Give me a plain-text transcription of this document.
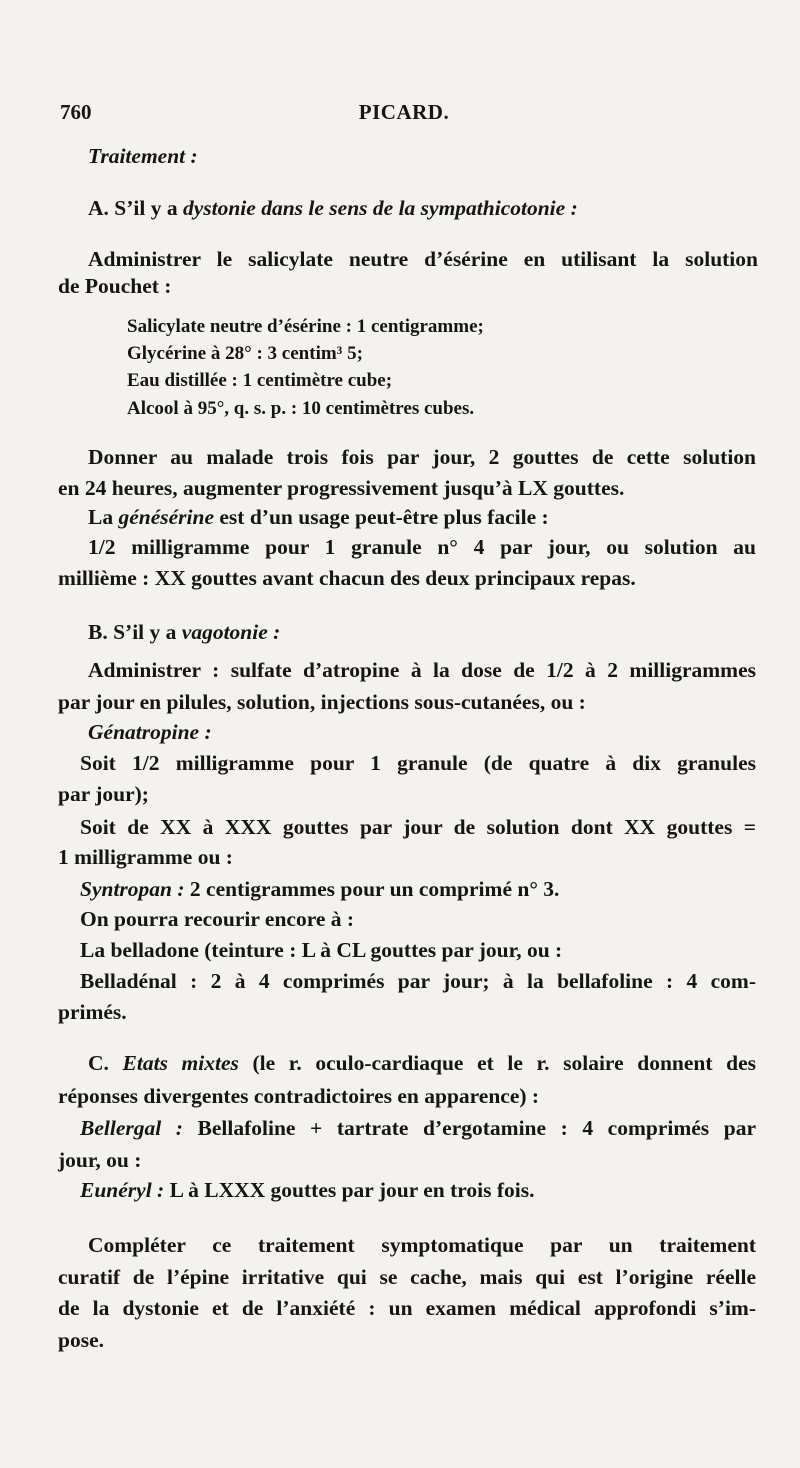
760	PICARD.
Traitement :
A. S’il y a dystonie dans le sens de la sympathicotonie :
Administrer le salicylate neutre d’ésérine en utilisant la solution
de Pouchet :
Salicylate neutre d’ésérine : 1 centigramme;
Glycérine à 28° : 3 centim³ 5;
Eau distillée : 1 centimètre cube;
Alcool à 95°, q. s. p. : 10 centimètres cubes.
Donner au malade trois fois par jour, 2 gouttes de cette solution
en 24 heures, augmenter progressivement jusqu’à LX gouttes.
La génésérine est d’un usage peut-être plus facile :
1/2 milligramme pour 1 granule n° 4 par jour, ou solution au
millième : XX gouttes avant chacun des deux principaux repas.
B. S’il y a vagotonie :
Administrer : sulfate d’atropine à la dose de 1/2 à 2 milligrammes
par jour en pilules, solution, injections sous-cutanées, ou :
Génatropine :
Soit 1/2 milligramme pour 1 granule (de quatre à dix granules
par jour);
Soit de XX à XXX gouttes par jour de solution dont XX gouttes =
1 milligramme ou :
Syntropan : 2 centigrammes pour un comprimé n° 3.
On pourra recourir encore à :
La belladone (teinture : L à CL gouttes par jour, ou :
Belladénal : 2 à 4 comprimés par jour; à la bellafoline : 4 com-
primés.
C. Etats mixtes (le r. oculo-cardiaque et le r. solaire donnent des
réponses divergentes contradictoires en apparence) :
Bellergal : Bellafoline + tartrate d’ergotamine : 4 comprimés par
jour, ou :
Eunéryl : L à LXXX gouttes par jour en trois fois.
Compléter ce traitement symptomatique par un traitement
curatif de l’épine irritative qui se cache, mais qui est l’origine réelle
de la dystonie et de l’anxiété : un examen médical approfondi s’im-
pose.
